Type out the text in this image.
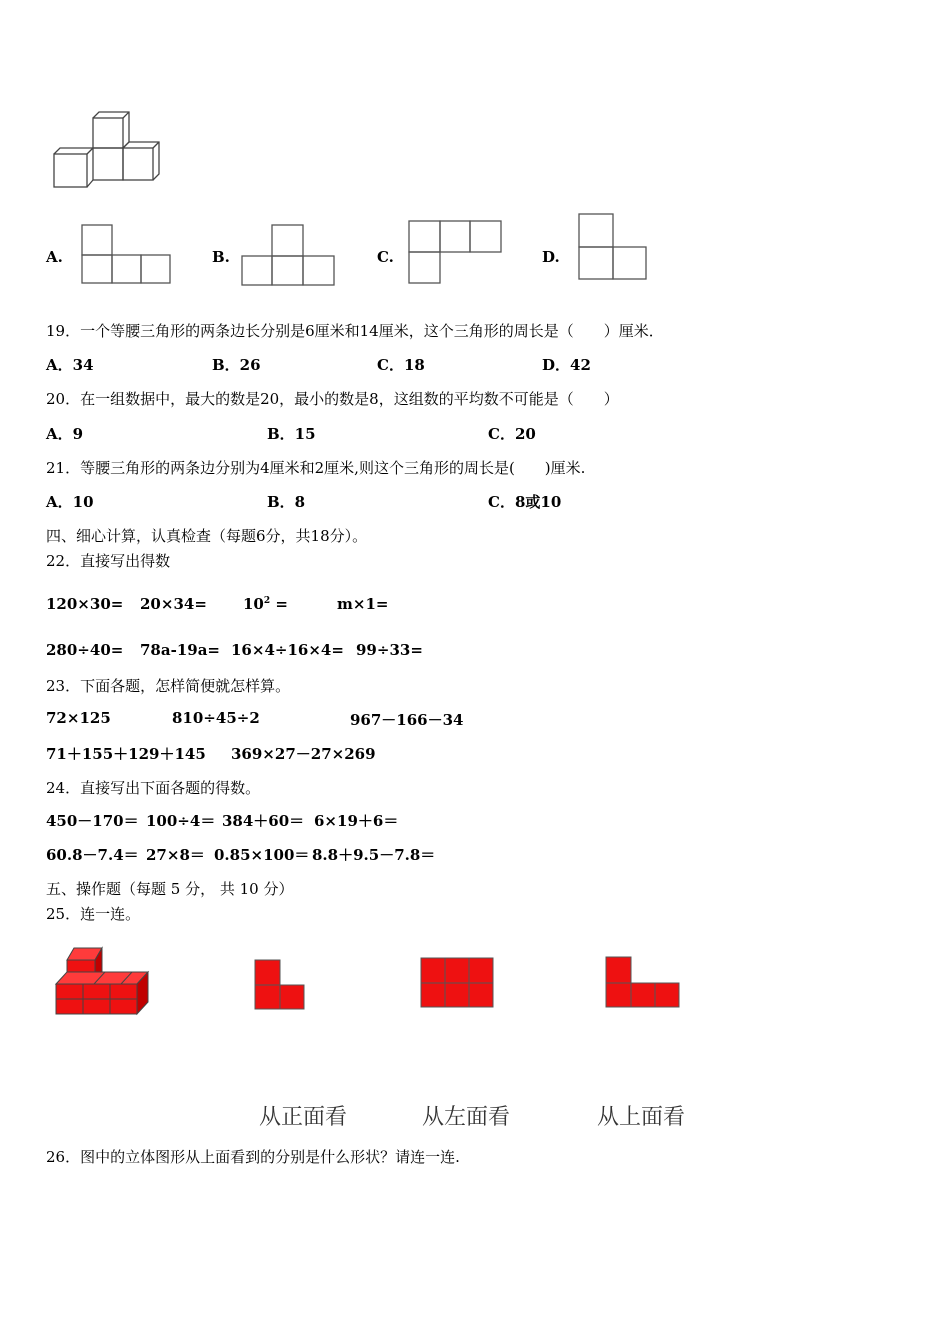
A.	B.	C.	D.
19．一个等腰三角形的两条边长分别是6厘米和14厘米，这个三角形的周长是（　　）厘米．
A．34	B．26	C．18	D．42
20．在一组数据中，最大的数是20，最小的数是8，这组数的平均数不可能是（　　）
A．9	B．15	C．20
21．等腰三角形的两条边分别为4厘米和2厘米,则这个三角形的周长是(　　)厘米.
A．10	B．8	C．8或10
四、细心计算，认真检查（每题6分，共18分）。
22．直接写出得数
$120\times 30= 20\times 34= 10^2$ =	m×1=
280÷40= 78a-19a= 16×4÷16×4= 99÷33=
23．下面各题，怎样简便就怎样算。
72×125	810÷45÷2	967－166－34
71＋155＋129＋145 369×27－27×269
24．直接写出下面各题的得数。
450－170＝ 100÷4＝ 384＋60＝ 6×19＋6＝
60.8－7.4＝ 27×8＝ 0.85×100＝ 8.8＋9.5－7.8＝
五、操作题（每题 5 分， 共 10 分）
25．连一连。
从正面看	从左面看	从上面看
26．图中的立体图形从上面看到的分别是什么形状？请连一连.
